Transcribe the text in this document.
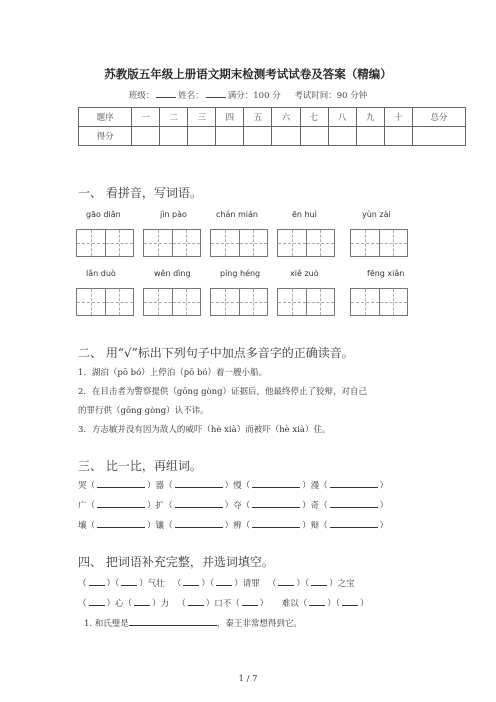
苏教版五年级上册语文期末检测考试试卷及答案（精编）
班级：	姓名：	满分：100 分 考试时间：90 分钟
题序	一	二	三	四	五	六	七	八	九	十	总分
得分											
一、 看拼音，写词语。
gāo diǎn	jìn pào	chán mián	ēn huì	yùn zài
lǎn duò	wěn dìng	píng héng	xiě zuò	fēng xiǎn
二、 用“√”标出下列句子中加点多音字的正确读音。
1．湖泊（pō bó）上停泊（pō bó）着一艘小船。
2．在目击者为警察提供（gōng gòng）证据后，他最终停止了狡辩，对自己
的罪行供（gōng gòng）认不讳。
3．方志敏并没有因为敌人的威吓（hè xià）而被吓（hè xià）住。
三、 比一比，再组词。
哭（	）器（	）慢（	）漫（	）
广（	）扩（	）夺（	）奇（	）
壤（	）镶（	）辨（	）辩（	）
四、 把词语补充完整，并选词填空。
（ ）（ ）气壮   （ ）（ ）请罪   （ ）（ ）之宝
（ ）心（ ）力   （ ）口不（ ）     难以（ ）（ ）
1. 和氏璧是	，秦王非常想得到它。
1 / 7
